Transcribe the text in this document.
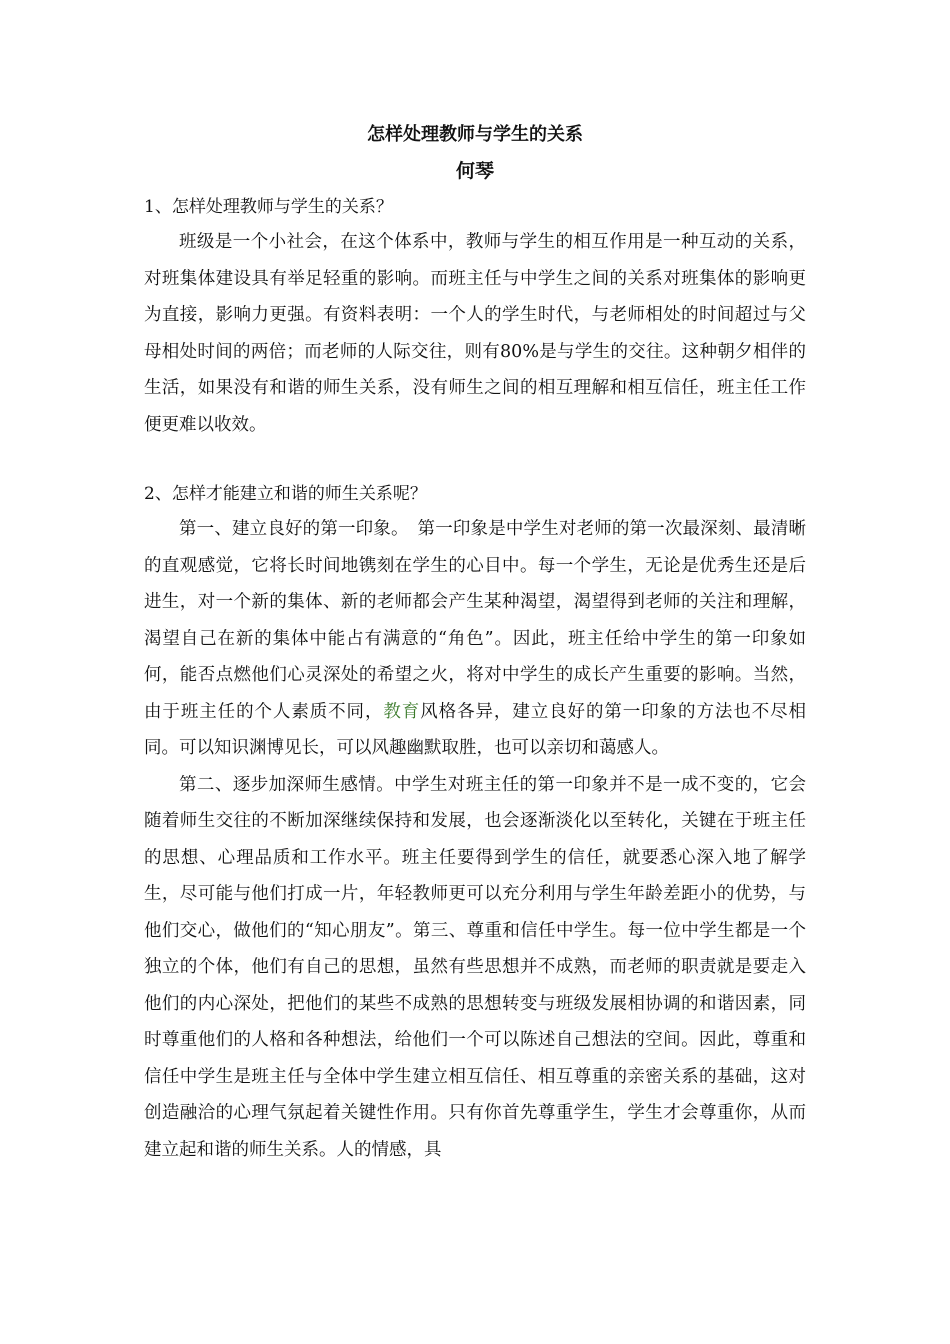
怎样处理教师与学生的关系
何琴

1、怎样处理教师与学生的关系？

班级是一个小社会，在这个体系中，教师与学生的相互作用是一种互动的关系，对班集体建设具有举足轻重的影响。而班主任与中学生之间的关系对班集体的影响更为直接，影响力更强。有资料表明：一个人的学生时代，与老师相处的时间超过与父母相处时间的两倍；而老师的人际交往，则有80%是与学生的交往。这种朝夕相伴的生活，如果没有和谐的师生关系，没有师生之间的相互理解和相互信任，班主任工作便更难以收效。

2、怎样才能建立和谐的师生关系呢？

第一、建立良好的第一印象。　第一印象是中学生对老师的第一次最深刻、最清晰的直观感觉，它将长时间地镌刻在学生的心目中。每一个学生，无论是优秀生还是后进生，对一个新的集体、新的老师都会产生某种渴望，渴望得到老师的关注和理解，渴望自己在新的集体中能占有满意的“角色”。因此，班主任给中学生的第一印象如何，能否点燃他们心灵深处的希望之火，将对中学生的成长产生重要的影响。当然，由于班主任的个人素质不同，教育风格各异，建立良好的第一印象的方法也不尽相同。可以知识渊博见长，可以风趣幽默取胜，也可以亲切和蔼感人。

第二、逐步加深师生感情。中学生对班主任的第一印象并不是一成不变的，它会随着师生交往的不断加深继续保持和发展，也会逐渐淡化以至转化，关键在于班主任的思想、心理品质和工作水平。班主任要得到学生的信任，就要悉心深入地了解学生，尽可能与他们打成一片，年轻教师更可以充分利用与学生年龄差距小的优势，与他们交心，做他们的“知心朋友”。第三、尊重和信任中学生。每一位中学生都是一个独立的个体，他们有自己的思想，虽然有些思想并不成熟，而老师的职责就是要走入他们的内心深处，把他们的某些不成熟的思想转变与班级发展相协调的和谐因素，同时尊重他们的人格和各种想法，给他们一个可以陈述自己想法的空间。因此，尊重和信任中学生是班主任与全体中学生建立相互信任、相互尊重的亲密关系的基础，这对创造融洽的心理气氛起着关键性作用。只有你首先尊重学生，学生才会尊重你，从而建立起和谐的师生关系。人的情感，具
